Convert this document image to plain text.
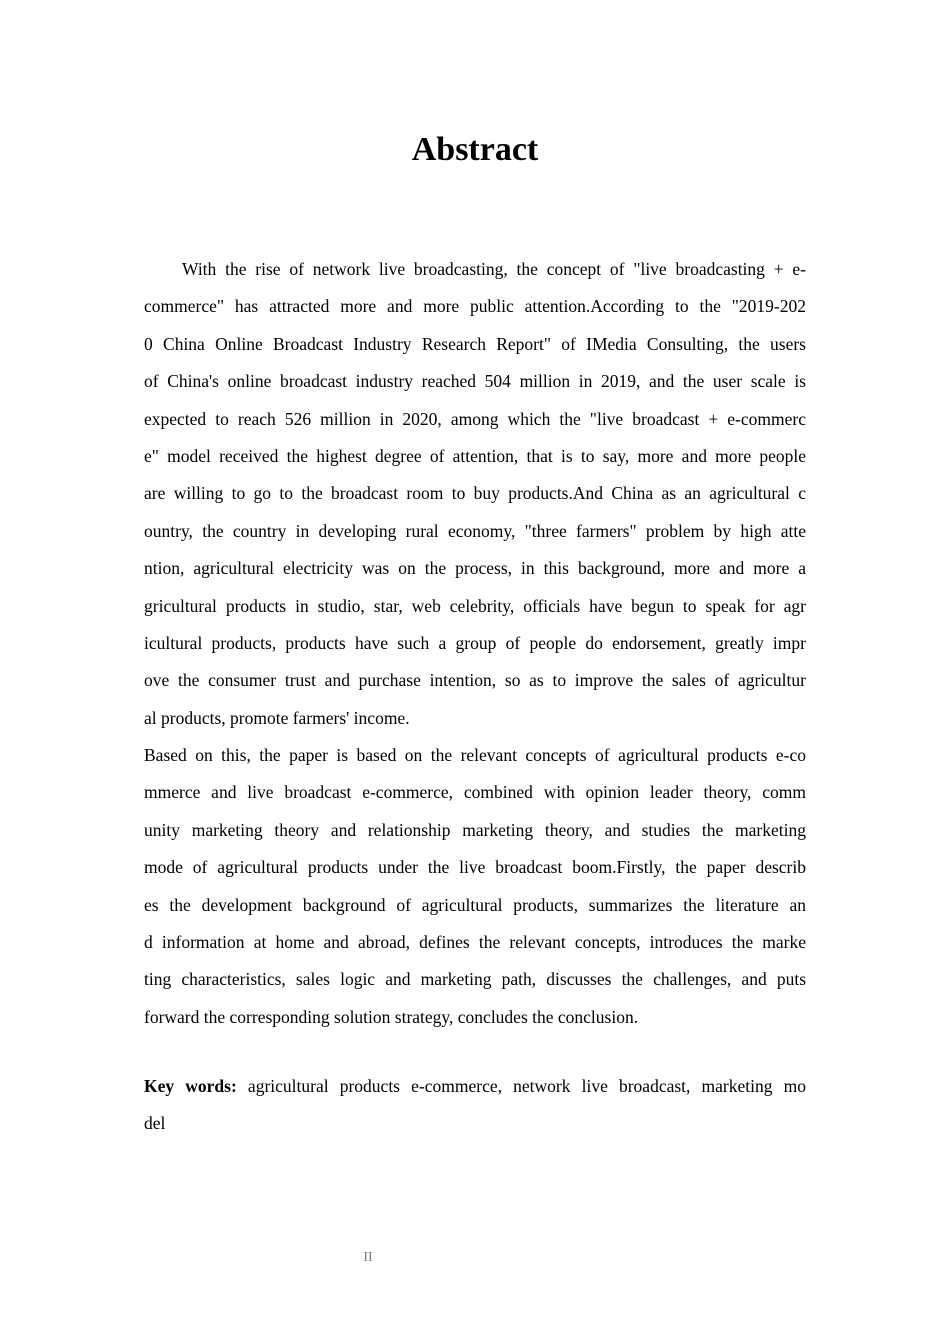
Abstract
With the rise of network live broadcasting, the concept of "live broadcasting + e-
commerce" has attracted more and more public attention.According to the "2019-202
0 China Online Broadcast Industry Research Report" of IMedia Consulting, the users
of China's online broadcast industry reached 504 million in 2019, and the user scale is
expected to reach 526 million in 2020, among which the "live broadcast + e-commerc
e" model received the highest degree of attention, that is to say, more and more people
are willing to go to the broadcast room to buy products.And China as an agricultural c
ountry, the country in developing rural economy, "three farmers" problem by high atte
ntion, agricultural electricity was on the process, in this background, more and more a
gricultural products in studio, star, web celebrity, officials have begun to speak for agr
icultural products, products have such a group of people do endorsement, greatly impr
ove the consumer trust and purchase intention, so as to improve the sales of agricultur
al products, promote farmers' income.
Based on this, the paper is based on the relevant concepts of agricultural products e-co
mmerce and live broadcast e-commerce, combined with opinion leader theory, comm
unity marketing theory and relationship marketing theory, and studies the marketing
mode of agricultural products under the live broadcast boom.Firstly, the paper describ
es the development background of agricultural products, summarizes the literature an
d information at home and abroad, defines the relevant concepts, introduces the marke
ting characteristics, sales logic and marketing path, discusses the challenges, and puts
forward the corresponding solution strategy, concludes the conclusion.
Key words: agricultural products e-commerce, network live broadcast, marketing mo
del
II
